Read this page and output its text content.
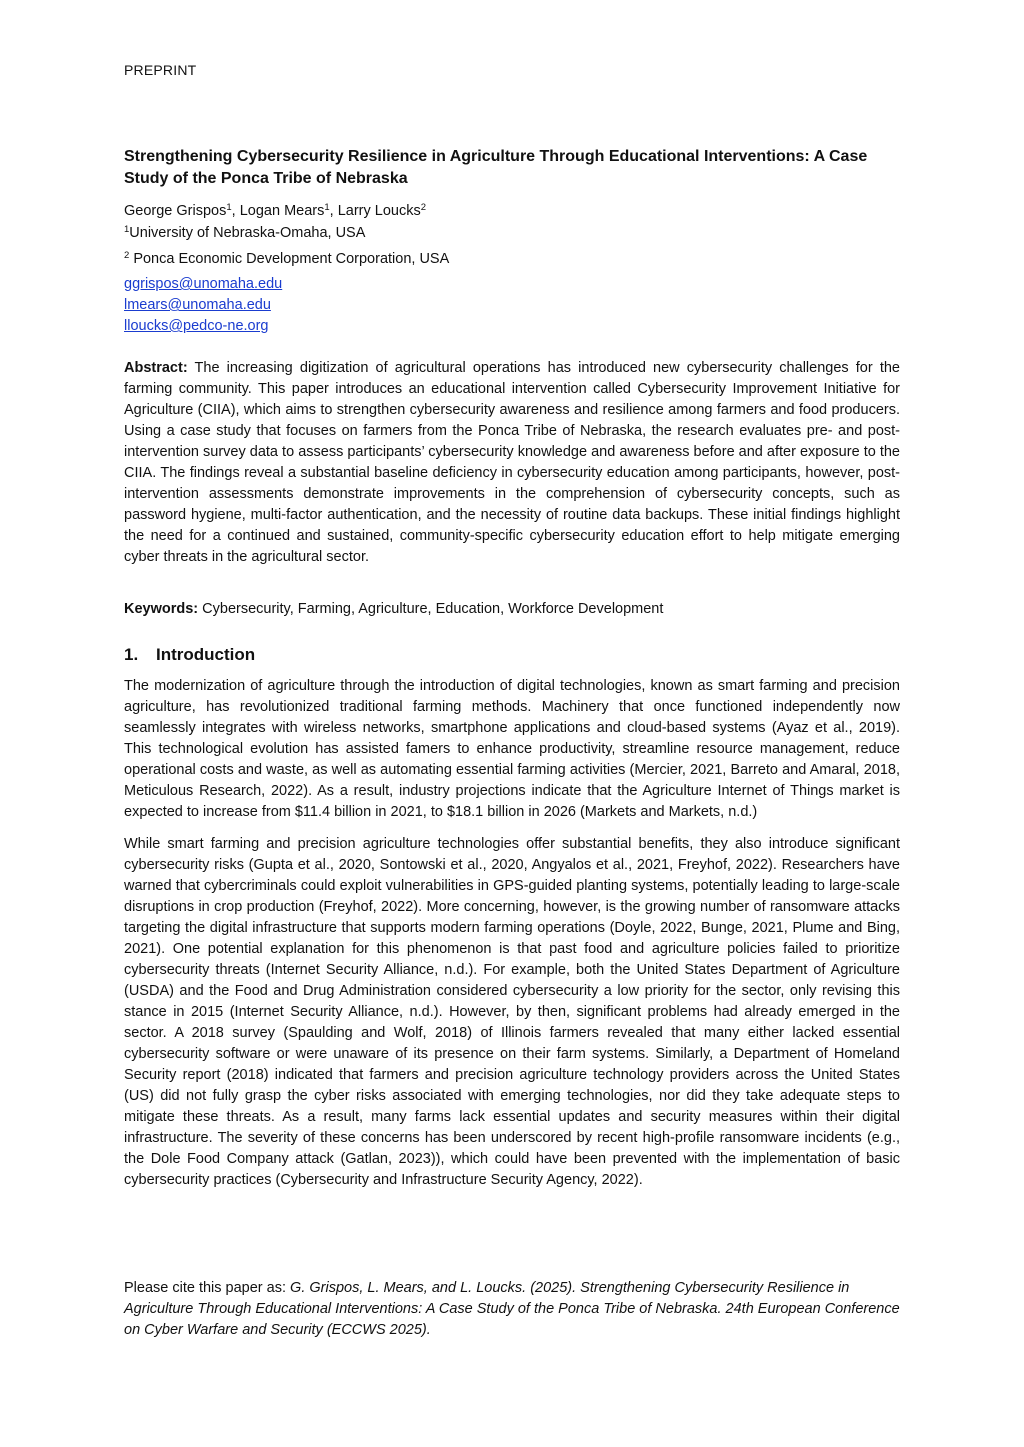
PREPRINT
Strengthening Cybersecurity Resilience in Agriculture Through Educational Interventions: A Case Study of the Ponca Tribe of Nebraska
George Grispos$^1$, Logan Mears$^1$, Larry Loucks$^2$
$^1$University of Nebraska-Omaha, USA
$^2$ Ponca Economic Development Corporation, USA
ggrispos@unomaha.edu
lmears@unomaha.edu
lloucks@pedco-ne.org

Abstract: The increasing digitization of agricultural operations has introduced new cybersecurity challenges for the farming community. This paper introduces an educational intervention called Cybersecurity Improvement Initiative for Agriculture (CIIA), which aims to strengthen cybersecurity awareness and resilience among farmers and food producers. Using a case study that focuses on farmers from the Ponca Tribe of Nebraska, the research evaluates pre- and post-intervention survey data to assess participants’ cybersecurity knowledge and awareness before and after exposure to the CIIA. The findings reveal a substantial baseline deficiency in cybersecurity education among participants, however, post-intervention assessments demonstrate improvements in the comprehension of cybersecurity concepts, such as password hygiene, multi-factor authentication, and the necessity of routine data backups. These initial findings highlight the need for a continued and sustained, community-specific cybersecurity education effort to help mitigate emerging cyber threats in the agricultural sector.

Keywords: Cybersecurity, Farming, Agriculture, Education, Workforce Development

1. Introduction

The modernization of agriculture through the introduction of digital technologies, known as smart farming and precision agriculture, has revolutionized traditional farming methods. Machinery that once functioned independently now seamlessly integrates with wireless networks, smartphone applications and cloud-based systems (Ayaz et al., 2019). This technological evolution has assisted famers to enhance productivity, streamline resource management, reduce operational costs and waste, as well as automating essential farming activities (Mercier, 2021, Barreto and Amaral, 2018, Meticulous Research, 2022). As a result, industry projections indicate that the Agriculture Internet of Things market is expected to increase from $11.4 billion in 2021, to $18.1 billion in 2026 (Markets and Markets, n.d.)

While smart farming and precision agriculture technologies offer substantial benefits, they also introduce significant cybersecurity risks (Gupta et al., 2020, Sontowski et al., 2020, Angyalos et al., 2021, Freyhof, 2022). Researchers have warned that cybercriminals could exploit vulnerabilities in GPS-guided planting systems, potentially leading to large-scale disruptions in crop production (Freyhof, 2022). More concerning, however, is the growing number of ransomware attacks targeting the digital infrastructure that supports modern farming operations (Doyle, 2022, Bunge, 2021, Plume and Bing, 2021). One potential explanation for this phenomenon is that past food and agriculture policies failed to prioritize cybersecurity threats (Internet Security Alliance, n.d.). For example, both the United States Department of Agriculture (USDA) and the Food and Drug Administration considered cybersecurity a low priority for the sector, only revising this stance in 2015 (Internet Security Alliance, n.d.). However, by then, significant problems had already emerged in the sector. A 2018 survey (Spaulding and Wolf, 2018) of Illinois farmers revealed that many either lacked essential cybersecurity software or were unaware of its presence on their farm systems. Similarly, a Department of Homeland Security report (2018) indicated that farmers and precision agriculture technology providers across the United States (US) did not fully grasp the cyber risks associated with emerging technologies, nor did they take adequate steps to mitigate these threats. As a result, many farms lack essential updates and security measures within their digital infrastructure. The severity of these concerns has been underscored by recent high-profile ransomware incidents (e.g., the Dole Food Company attack (Gatlan, 2023)), which could have been prevented with the implementation of basic cybersecurity practices (Cybersecurity and Infrastructure Security Agency, 2022).

Please cite this paper as: G. Grispos, L. Mears, and L. Loucks. (2025). Strengthening Cybersecurity Resilience in Agriculture Through Educational Interventions: A Case Study of the Ponca Tribe of Nebraska. 24th European Conference on Cyber Warfare and Security (ECCWS 2025).
